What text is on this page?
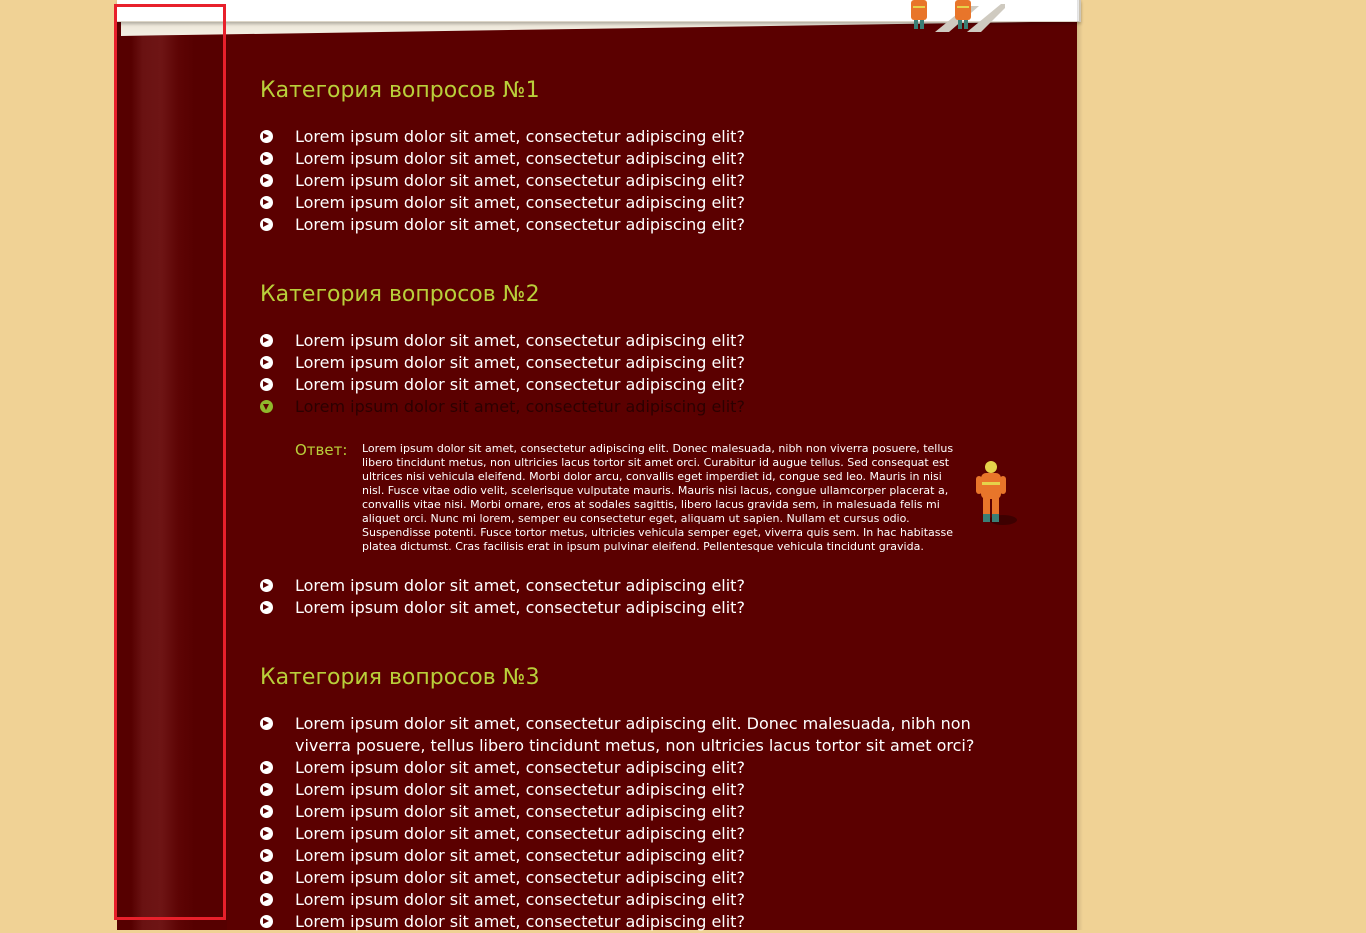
Категория вопросов №1
Lorem ipsum dolor sit amet, consectetur adipiscing elit?
Lorem ipsum dolor sit amet, consectetur adipiscing elit?
Lorem ipsum dolor sit amet, consectetur adipiscing elit?
Lorem ipsum dolor sit amet, consectetur adipiscing elit?
Lorem ipsum dolor sit amet, consectetur adipiscing elit?
Категория вопросов №2
Lorem ipsum dolor sit amet, consectetur adipiscing elit?
Lorem ipsum dolor sit amet, consectetur adipiscing elit?
Lorem ipsum dolor sit amet, consectetur adipiscing elit?
Lorem ipsum dolor sit amet, consectetur adipiscing elit?
Ответ: Lorem ipsum dolor sit amet, consectetur adipiscing elit. Donec malesuada, nibh non viverra posuere, tellus libero tincidunt metus, non ultricies lacus tortor sit amet orci. Curabitur id augue tellus. Sed consequat est ultrices nisi vehicula eleifend. Morbi dolor arcu, convallis eget imperdiet id, congue sed leo. Mauris in nisi nisl. Fusce vitae odio velit, scelerisque vulputate mauris. Mauris nisi lacus, congue ullamcorper placerat a, convallis vitae nisi. Morbi ornare, eros at sodales sagittis, libero lacus gravida sem, in malesuada felis mi aliquet orci. Nunc mi lorem, semper eu consectetur eget, aliquam ut sapien. Nullam et cursus odio. Suspendisse potenti. Fusce tortor metus, ultricies vehicula semper eget, viverra quis sem. In hac habitasse platea dictumst. Cras facilisis erat in ipsum pulvinar eleifend. Pellentesque vehicula tincidunt gravida.
Lorem ipsum dolor sit amet, consectetur adipiscing elit?
Lorem ipsum dolor sit amet, consectetur adipiscing elit?
Категория вопросов №3
Lorem ipsum dolor sit amet, consectetur adipiscing elit. Donec malesuada, nibh non viverra posuere, tellus libero tincidunt metus, non ultricies lacus tortor sit amet orci?
Lorem ipsum dolor sit amet, consectetur adipiscing elit?
Lorem ipsum dolor sit amet, consectetur adipiscing elit?
Lorem ipsum dolor sit amet, consectetur adipiscing elit?
Lorem ipsum dolor sit amet, consectetur adipiscing elit?
Lorem ipsum dolor sit amet, consectetur adipiscing elit?
Lorem ipsum dolor sit amet, consectetur adipiscing elit?
Lorem ipsum dolor sit amet, consectetur adipiscing elit?
Lorem ipsum dolor sit amet, consectetur adipiscing elit?
